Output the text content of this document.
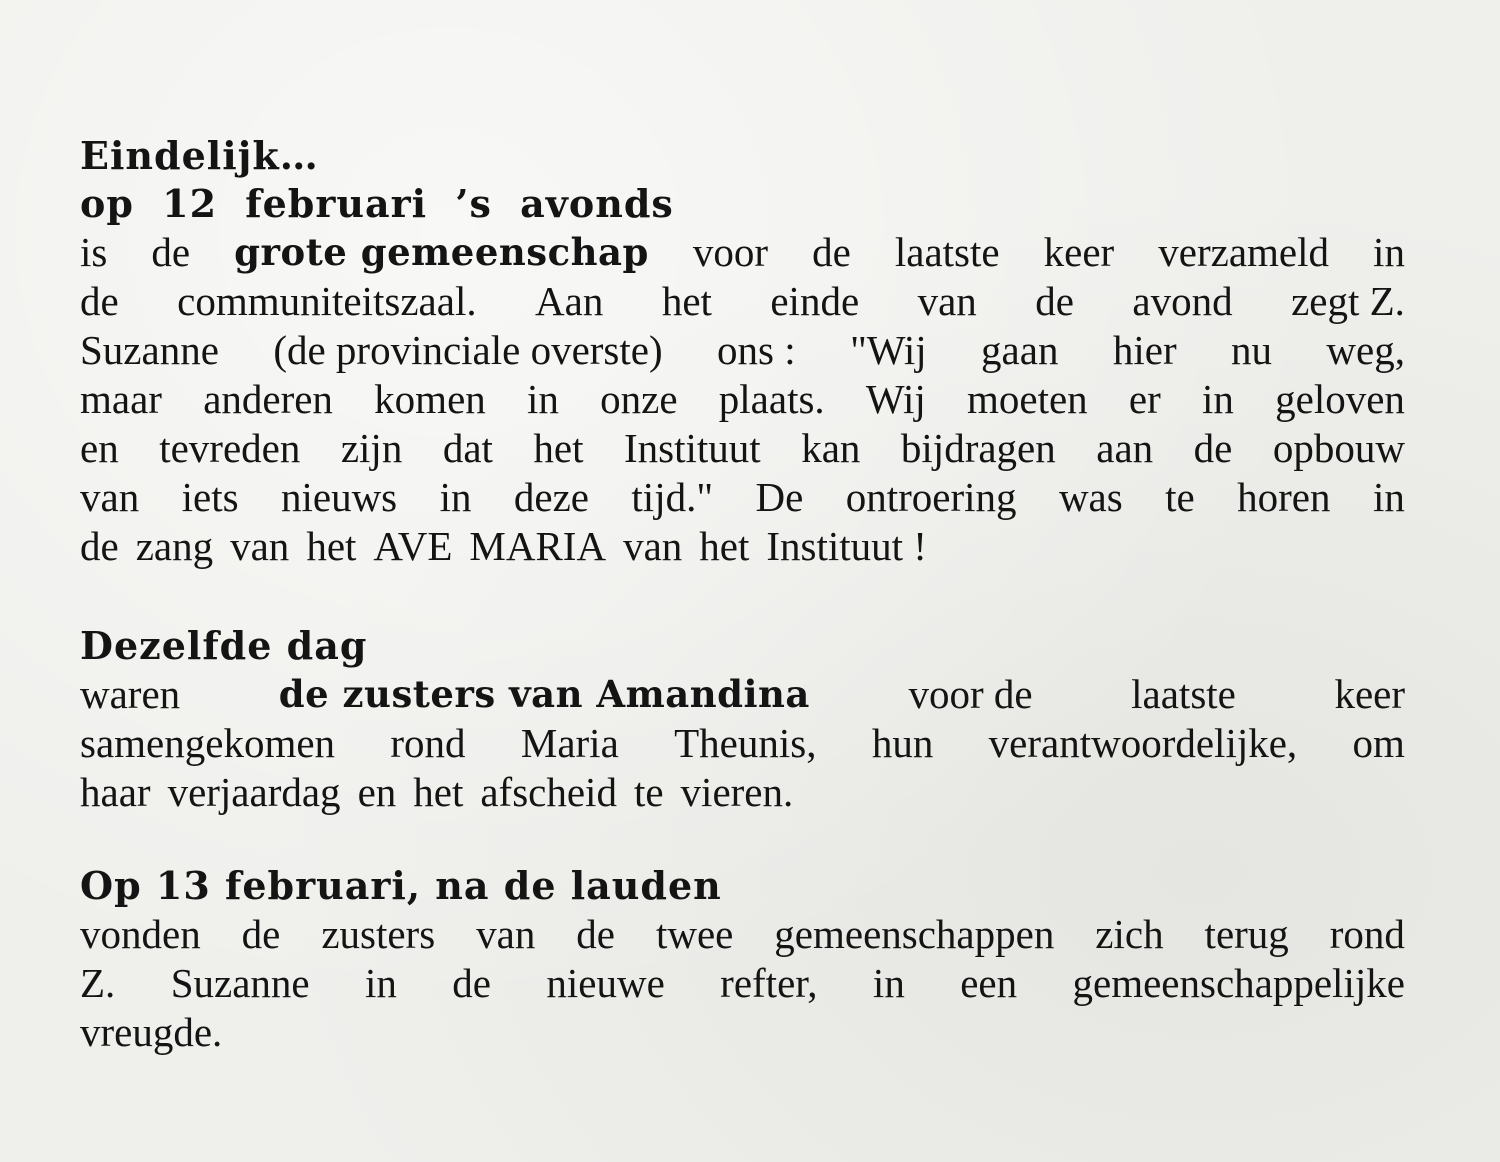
Eindelijk…
op 12 februari ’s avonds
is de grote gemeenschap voor de laatste keer verzameld in
de communiteitszaal. Aan het einde van de avond zegt Z.
Suzanne (de provinciale overste) ons : "Wij gaan hier nu weg,
maar anderen komen in onze plaats. Wij moeten er in geloven
en tevreden zijn dat het Instituut kan bijdragen aan de opbouw
van iets nieuws in deze tijd." De ontroering was te horen in
de zang van het AVE MARIA van het Instituut !
Dezelfde dag
waren	de zusters van Amandina voor de laatste keer
samengekomen rond Maria Theunis, hun verantwoordelijke, om
haar verjaardag en het afscheid te vieren.
Op 13 februari, na de lauden
vonden de zusters van de twee gemeenschappen zich terug rond
Z. Suzanne in de nieuwe refter, in een gemeenschappelijke
vreugde.
